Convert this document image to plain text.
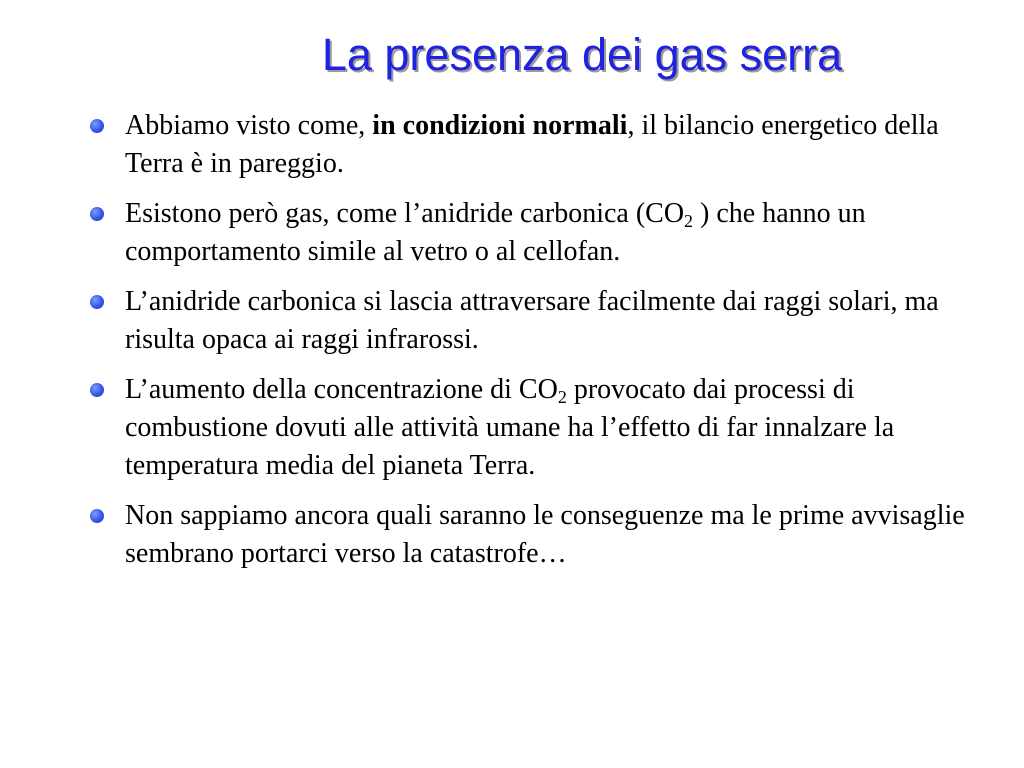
La presenza dei gas serra
Abbiamo visto come, in condizioni normali, il bilancio energetico della Terra è in pareggio.
Esistono però gas, come l’anidride carbonica ($CO_2$ ) che hanno un comportamento simile al vetro o al cellofan.
L’anidride carbonica si lascia attraversare facilmente dai raggi solari, ma risulta opaca ai raggi infrarossi.
L’aumento della concentrazione di $CO_2$ provocato dai processi di combustione dovuti alle attività umane ha l’effetto di far innalzare la temperatura media del pianeta Terra.
Non sappiamo ancora quali saranno le conseguenze ma le prime avvisaglie sembrano portarci verso la catastrofe…
